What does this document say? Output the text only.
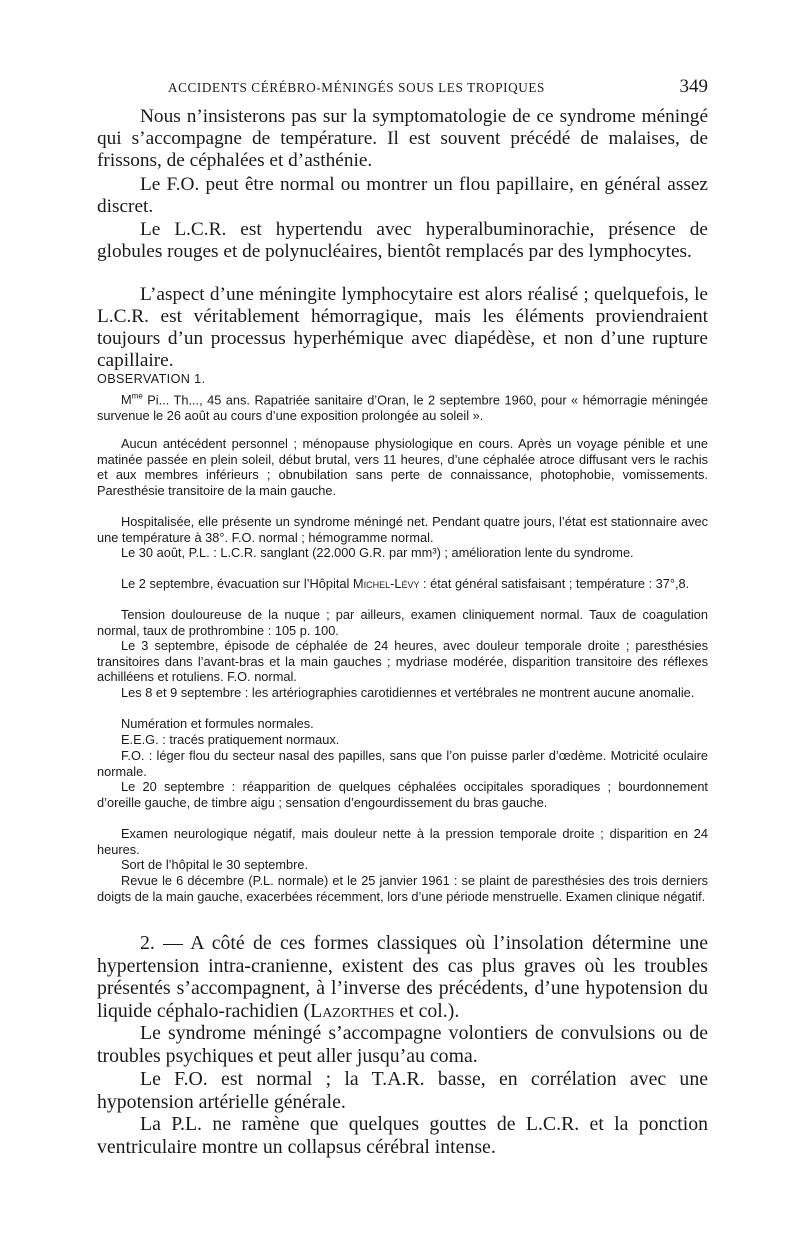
ACCIDENTS CÉRÉBRO-MÉNINGÉS SOUS LES TROPIQUES	349

Nous n’insisterons pas sur la symptomatologie de ce syndrome méningé qui s’accompagne de température. Il est souvent précédé de malaises, de frissons, de céphalées et d’asthénie.

Le F.O. peut être normal ou montrer un flou papillaire, en général assez discret.

Le L.C.R. est hypertendu avec hyperalbuminorachie, présence de globules rouges et de polynucléaires, bientôt remplacés par des lymphocytes.

L’aspect d’une méningite lymphocytaire est alors réalisé ; quelquefois, le L.C.R. est véritablement hémorragique, mais les éléments proviendraient toujours d’un processus hyperhémique avec diapédèse, et non d’une rupture capillaire.

OBSERVATION 1.

$M^{me}$ Pi... Th..., 45 ans. Rapatriée sanitaire d’Oran, le 2 septembre 1960, pour « hémorragie méningée survenue le 26 août au cours d’une exposition prolongée au soleil ».

Aucun antécédent personnel ; ménopause physiologique en cours. Après un voyage pénible et une matinée passée en plein soleil, début brutal, vers 11 heures, d’une céphalée atroce diffusant vers le rachis et aux membres inférieurs ; obnubilation sans perte de connaissance, photophobie, vomissements. Paresthésie transitoire de la main gauche.

Hospitalisée, elle présente un syndrome méningé net. Pendant quatre jours, l’état est stationnaire avec une température à 38°. F.O. normal ; hémogramme normal.

Le 30 août, P.L. : L.C.R. sanglant (22.000 G.R. par mm³) ; amélioration lente du syndrome.

Le 2 septembre, évacuation sur l’Hôpital Michel-Lévy : état général satisfaisant ; température : 37°,8.

Tension douloureuse de la nuque ; par ailleurs, examen cliniquement normal. Taux de coagulation normal, taux de prothrombine : 105 p. 100.

Le 3 septembre, épisode de céphalée de 24 heures, avec douleur temporale droite ; paresthésies transitoires dans l’avant-bras et la main gauches ; mydriase modérée, disparition transitoire des réflexes achilléens et rotuliens. F.O. normal.

Les 8 et 9 septembre : les artériographies carotidiennes et vertébrales ne montrent aucune anomalie.

Numération et formules normales.

E.E.G. : tracés pratiquement normaux.

F.O. : léger flou du secteur nasal des papilles, sans que l’on puisse parler d’œdème. Motricité oculaire normale.

Le 20 septembre : réapparition de quelques céphalées occipitales sporadiques ; bourdonnement d’oreille gauche, de timbre aigu ; sensation d’engourdissement du bras gauche.

Examen neurologique négatif, mais douleur nette à la pression temporale droite ; disparition en 24 heures.

Sort de l’hôpital le 30 septembre.

Revue le 6 décembre (P.L. normale) et le 25 janvier 1961 : se plaint de paresthésies des trois derniers doigts de la main gauche, exacerbées récemment, lors d’une période menstruelle. Examen clinique négatif.

2. — A côté de ces formes classiques où l’insolation détermine une hypertension intra-cranienne, existent des cas plus graves où les troubles présentés s’accompagnent, à l’inverse des précédents, d’une hypotension du liquide céphalo-rachidien (Lazorthes et col.).

Le syndrome méningé s’accompagne volontiers de convulsions ou de troubles psychiques et peut aller jusqu’au coma.

Le F.O. est normal ; la T.A.R. basse, en corrélation avec une hypotension artérielle générale.

La P.L. ne ramène que quelques gouttes de L.C.R. et la ponction ventriculaire montre un collapsus cérébral intense.
